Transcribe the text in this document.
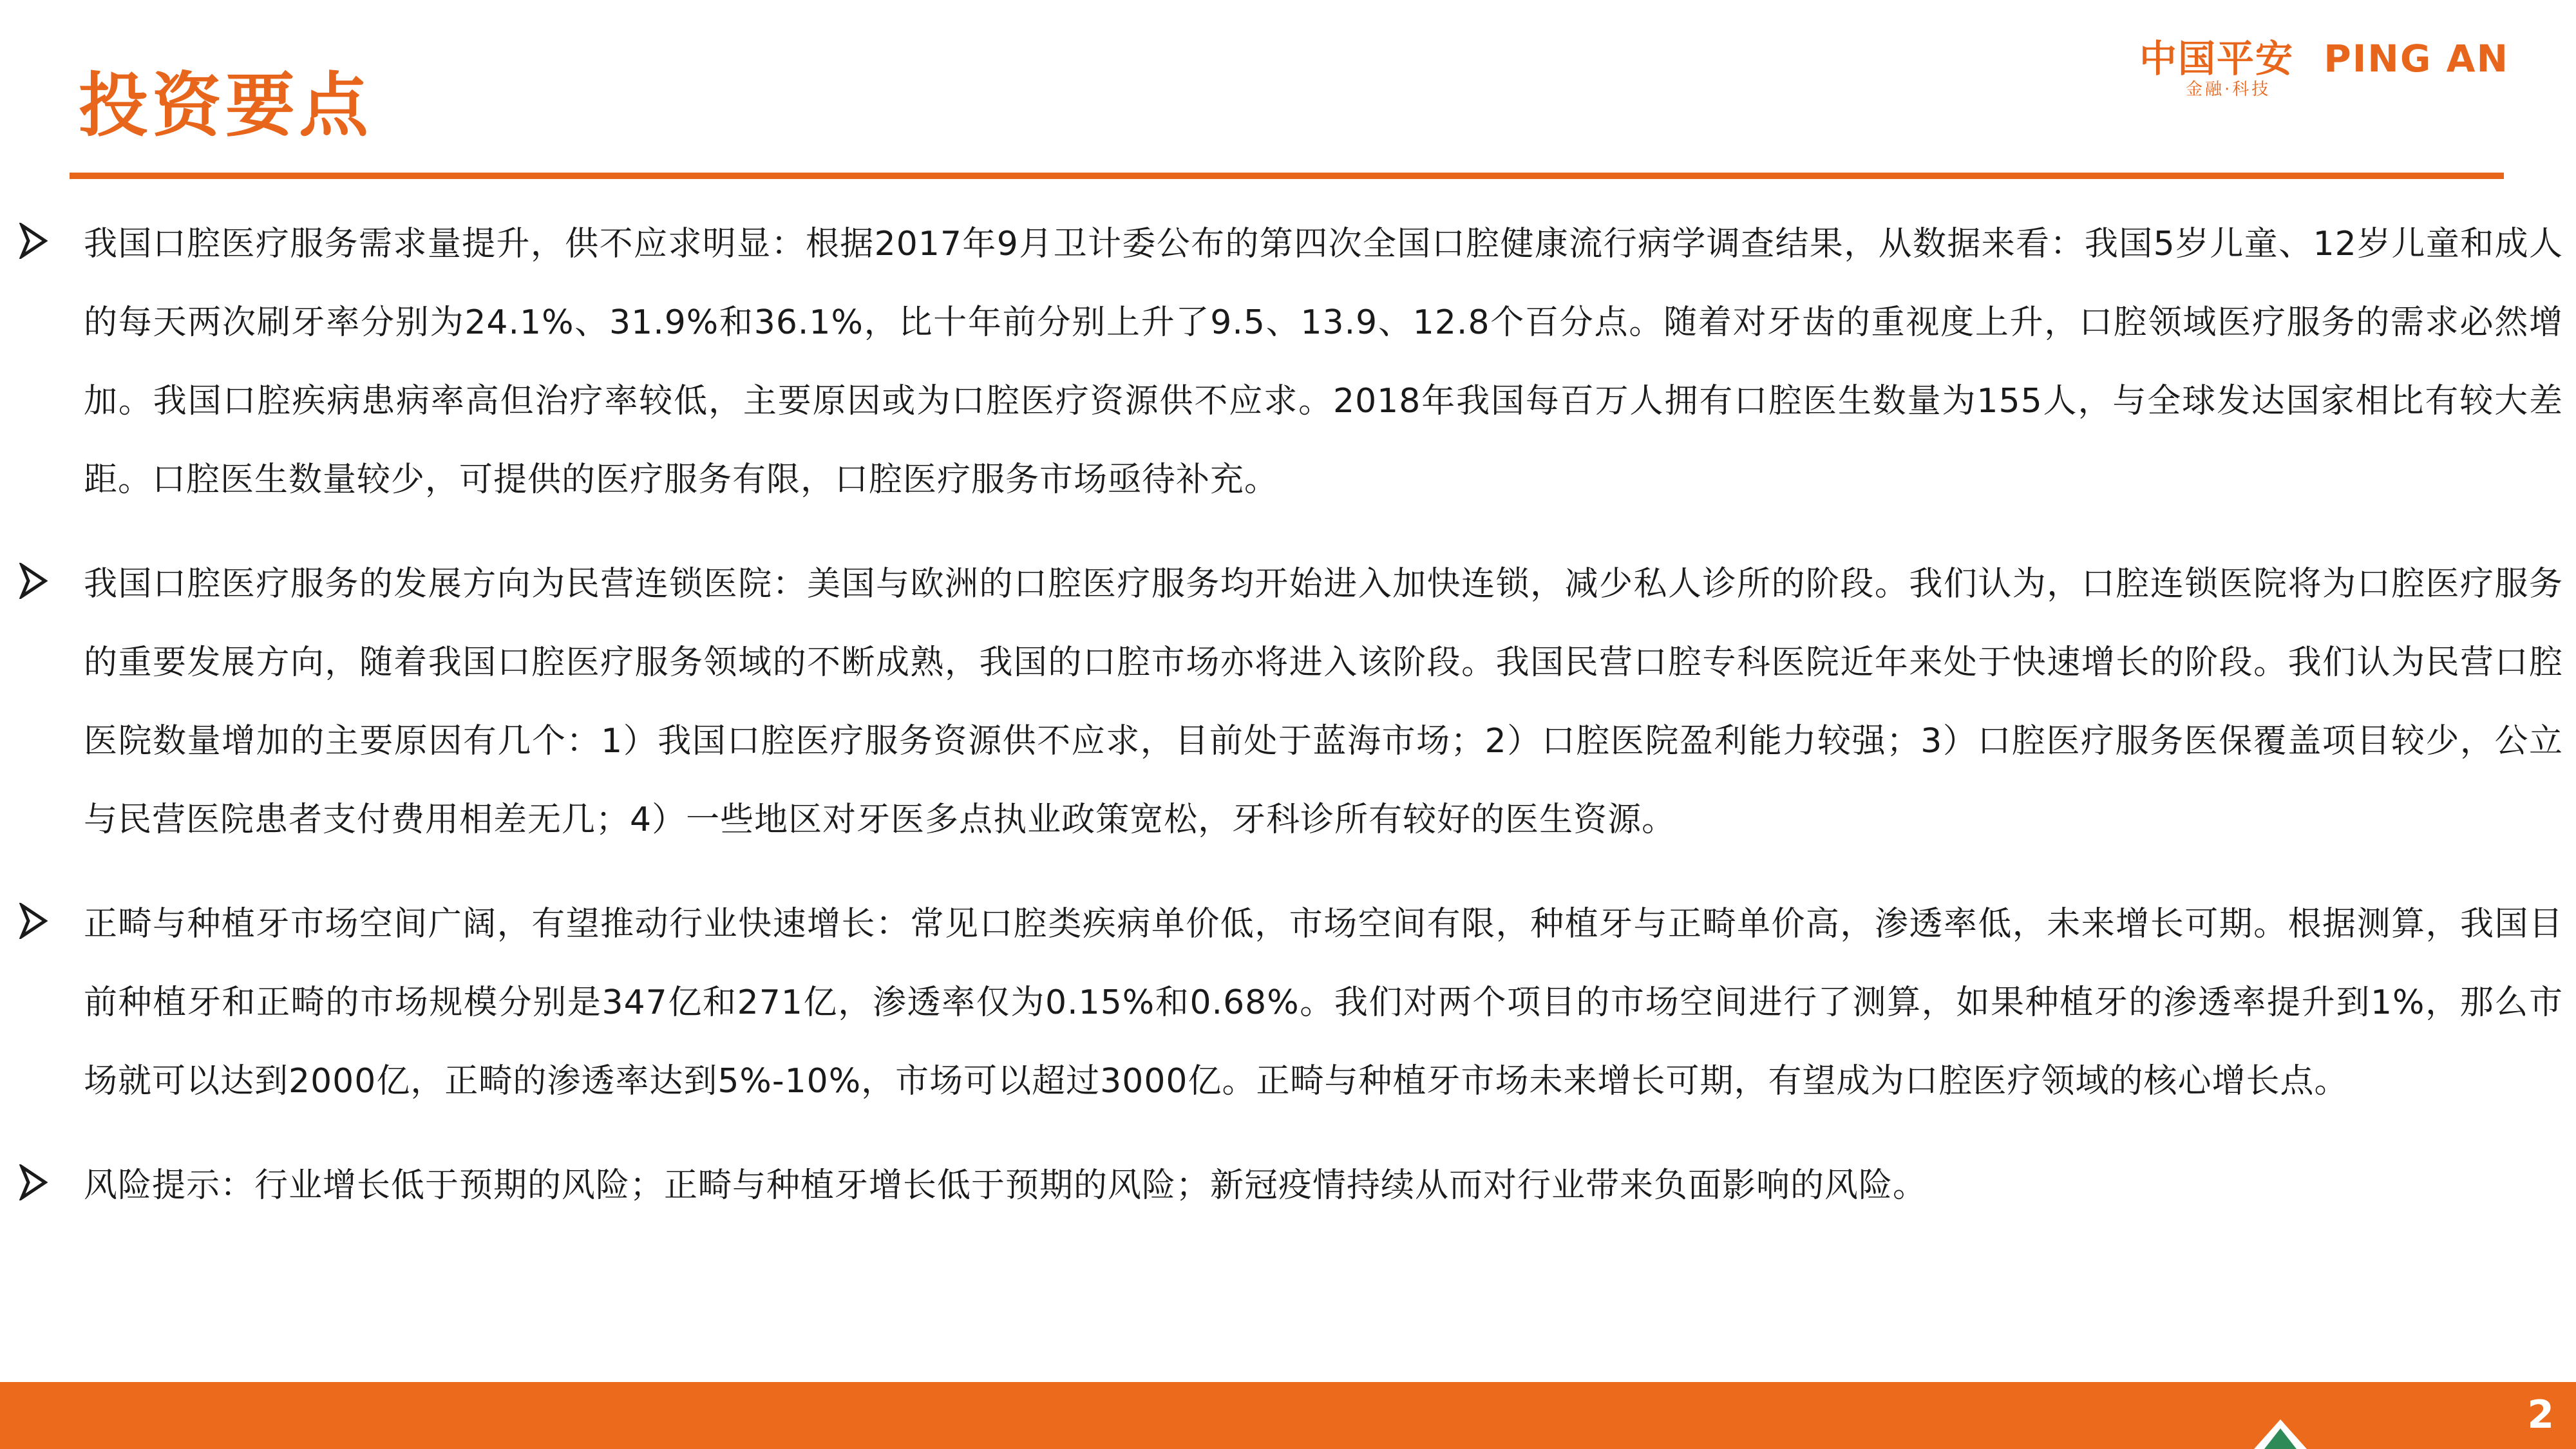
投资要点
中国平安 PING AN
金融·科技
我国口腔医疗服务需求量提升，供不应求明显：根据2017年9月卫计委公布的第四次全国口腔健康流行病学调查结果，从数据来看：我国5岁儿童、12岁儿童和成人的每天两次刷牙率分别为24.1%、31.9%和36.1%，比十年前分别上升了9.5、13.9、12.8个百分点。随着对牙齿的重视度上升，口腔领域医疗服务的需求必然增加。我国口腔疾病患病率高但治疗率较低，主要原因或为口腔医疗资源供不应求。2018年我国每百万人拥有口腔医生数量为155人，与全球发达国家相比有较大差距。口腔医生数量较少，可提供的医疗服务有限，口腔医疗服务市场亟待补充。
我国口腔医疗服务的发展方向为民营连锁医院：美国与欧洲的口腔医疗服务均开始进入加快连锁，减少私人诊所的阶段。我们认为，口腔连锁医院将为口腔医疗服务的重要发展方向，随着我国口腔医疗服务领域的不断成熟，我国的口腔市场亦将进入该阶段。我国民营口腔专科医院近年来处于快速增长的阶段。我们认为民营口腔医院数量增加的主要原因有几个：1）我国口腔医疗服务资源供不应求，目前处于蓝海市场；2）口腔医院盈利能力较强；3）口腔医疗服务医保覆盖项目较少，公立与民营医院患者支付费用相差无几；4）一些地区对牙医多点执业政策宽松，牙科诊所有较好的医生资源。
正畸与种植牙市场空间广阔，有望推动行业快速增长：常见口腔类疾病单价低，市场空间有限，种植牙与正畸单价高，渗透率低，未来增长可期。根据测算，我国目前种植牙和正畸的市场规模分别是347亿和271亿，渗透率仅为0.15%和0.68%。我们对两个项目的市场空间进行了测算，如果种植牙的渗透率提升到1%，那么市场就可以达到2000亿，正畸的渗透率达到5%-10%，市场可以超过3000亿。正畸与种植牙市场未来增长可期，有望成为口腔医疗领域的核心增长点。
风险提示：行业增长低于预期的风险；正畸与种植牙增长低于预期的风险；新冠疫情持续从而对行业带来负面影响的风险。
2
